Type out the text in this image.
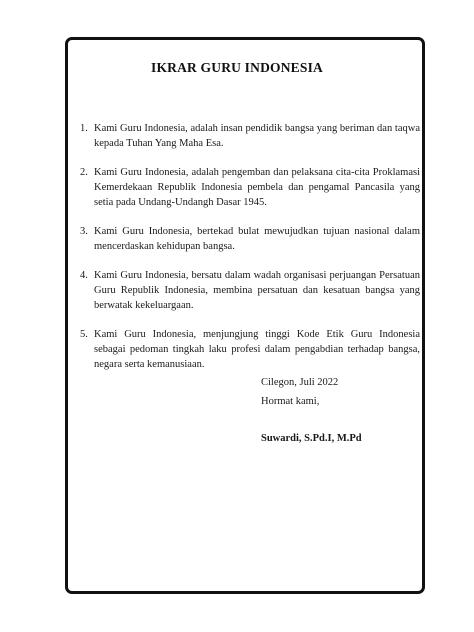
IKRAR GURU INDONESIA
1. Kami Guru Indonesia, adalah insan pendidik bangsa yang beriman dan taqwa kepada Tuhan Yang Maha Esa.
2. Kami Guru Indonesia, adalah pengemban dan pelaksana cita-cita Proklamasi Kemerdekaan Republik Indonesia pembela dan pengamal Pancasila yang setia pada Undang-Undangh Dasar 1945.
3. Kami Guru Indonesia, bertekad bulat mewujudkan tujuan nasional dalam mencerdaskan kehidupan bangsa.
4. Kami Guru Indonesia, bersatu dalam wadah organisasi perjuangan Persatuan Guru Republik Indonesia, membina persatuan dan kesatuan bangsa yang berwatak kekeluargaan.
5. Kami Guru Indonesia, menjungjung tinggi Kode Etik Guru Indonesia sebagai pedoman tingkah laku profesi dalam pengabdian terhadap bangsa, negara serta kemanusiaan.
Cilegon, Juli 2022
Hormat kami,
Suwardi, S.Pd.I, M.Pd
